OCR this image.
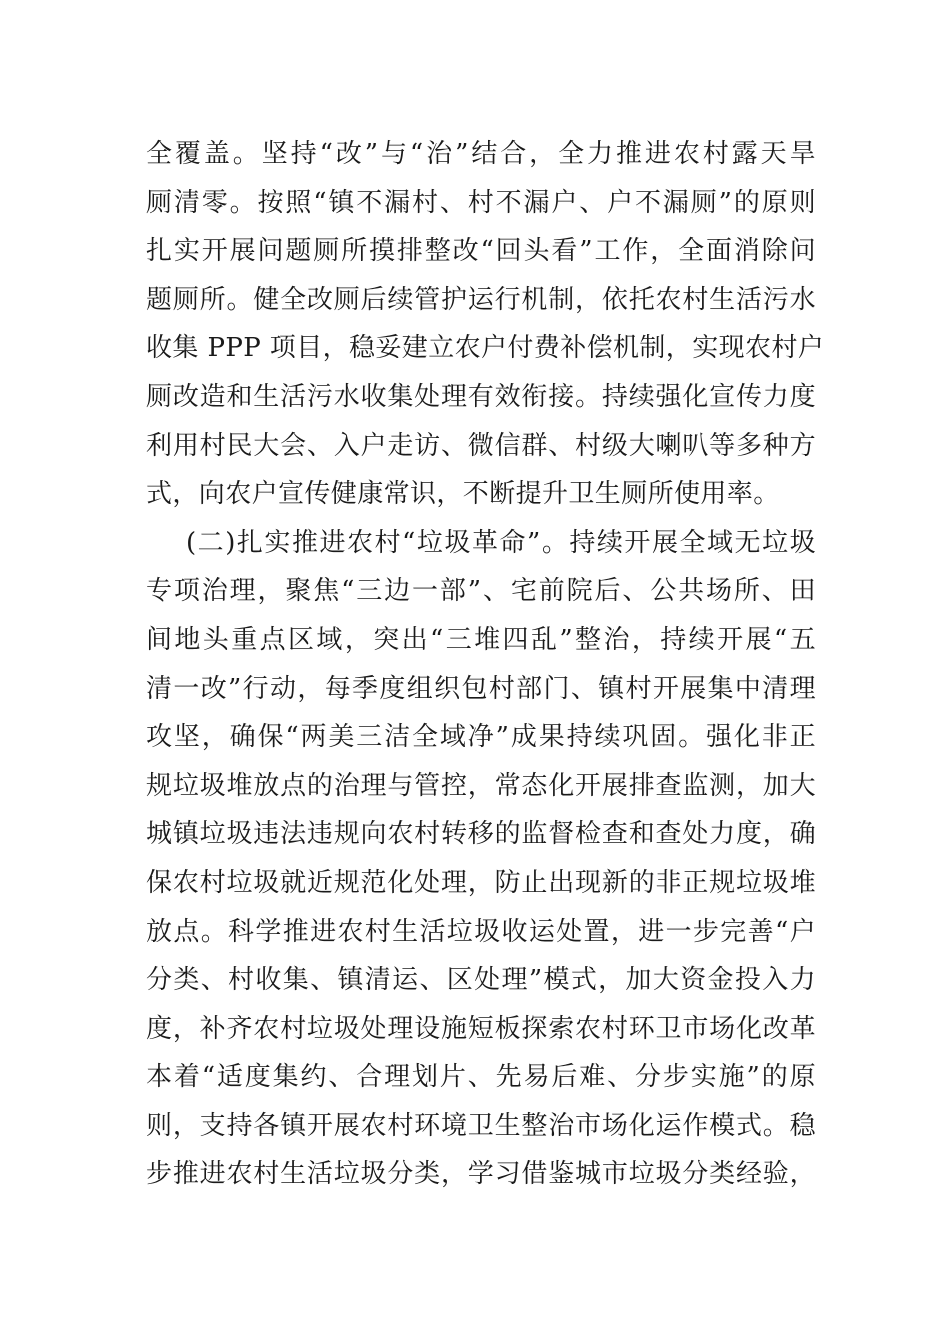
全覆盖。坚持“改”与“治”结合，全力推进农村露天旱
厕清零。按照“镇不漏村、村不漏户、户不漏厕”的原则
扎实开展问题厕所摸排整改“回头看”工作，全面消除问
题厕所。健全改厕后续管护运行机制，依托农村生活污水
收集 PPP 项目，稳妥建立农户付费补偿机制，实现农村户
厕改造和生活污水收集处理有效衔接。持续强化宣传力度
利用村民大会、入户走访、微信群、村级大喇叭等多种方
式，向农户宣传健康常识，不断提升卫生厕所使用率。
(二)扎实推进农村“垃圾革命”。持续开展全域无垃圾
专项治理，聚焦“三边一部”、宅前院后、公共场所、田
间地头重点区域，突出“三堆四乱”整治，持续开展“五
清一改”行动，每季度组织包村部门、镇村开展集中清理
攻坚，确保“两美三洁全域净”成果持续巩固。强化非正
规垃圾堆放点的治理与管控，常态化开展排查监测，加大
城镇垃圾违法违规向农村转移的监督检查和查处力度，确
保农村垃圾就近规范化处理，防止出现新的非正规垃圾堆
放点。科学推进农村生活垃圾收运处置，进一步完善“户
分类、村收集、镇清运、区处理”模式，加大资金投入力
度，补齐农村垃圾处理设施短板探索农村环卫市场化改革
本着“适度集约、合理划片、先易后难、分步实施”的原
则，支持各镇开展农村环境卫生整治市场化运作模式。稳
步推进农村生活垃圾分类，学习借鉴城市垃圾分类经验，
